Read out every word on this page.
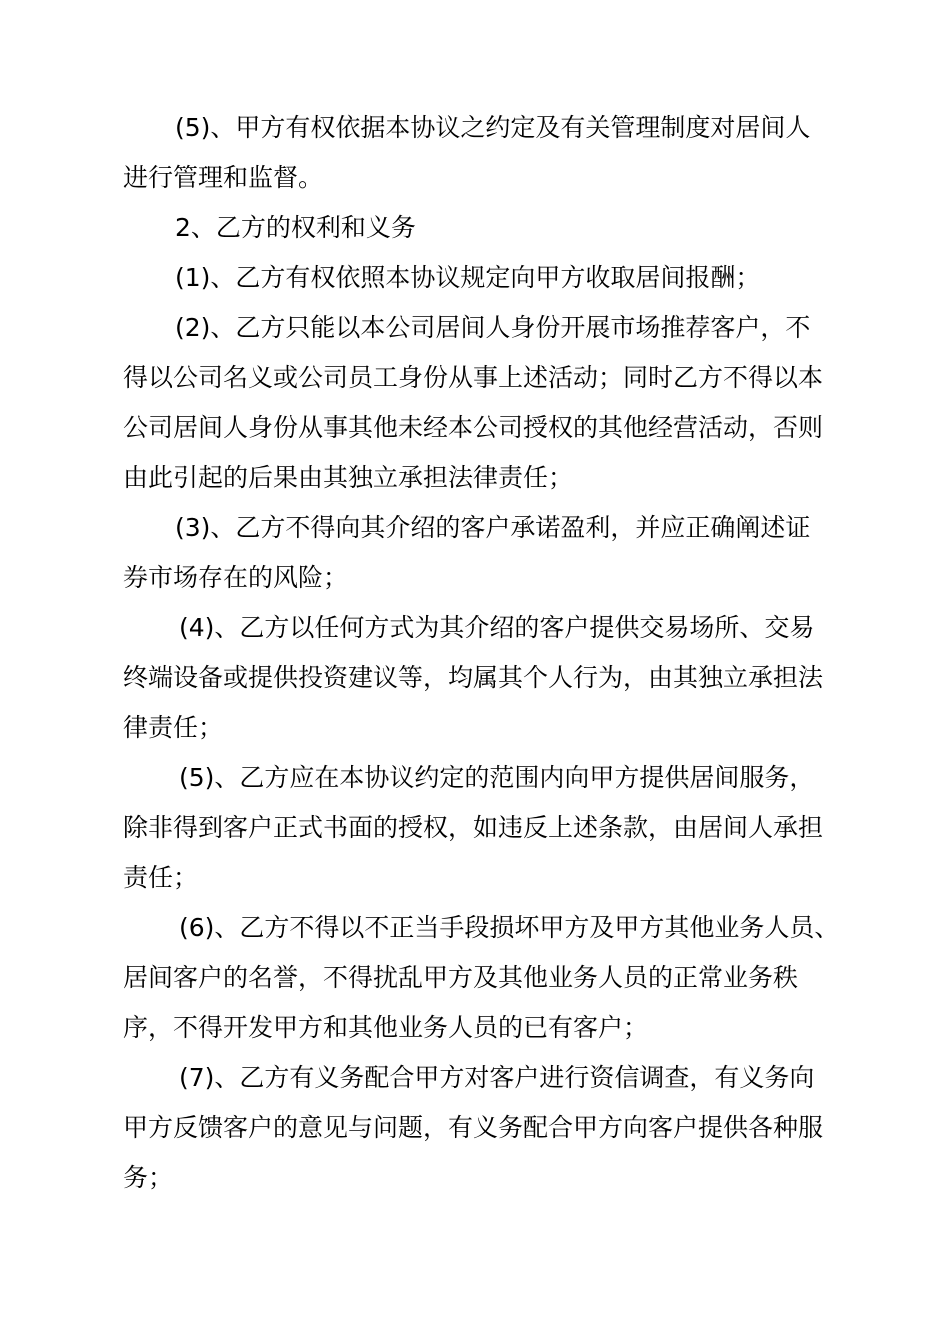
(5)、甲方有权依据本协议之约定及有关管理制度对居间人
进行管理和监督。
2、乙方的权利和义务
(1)、乙方有权依照本协议规定向甲方收取居间报酬；
(2)、乙方只能以本公司居间人身份开展市场推荐客户，不
得以公司名义或公司员工身份从事上述活动；同时乙方不得以本
公司居间人身份从事其他未经本公司授权的其他经营活动，否则
由此引起的后果由其独立承担法律责任；
(3)、乙方不得向其介绍的客户承诺盈利，并应正确阐述证
券市场存在的风险；
(4)、乙方以任何方式为其介绍的客户提供交易场所、交易
终端设备或提供投资建议等，均属其个人行为，由其独立承担法
律责任；
(5)、乙方应在本协议约定的范围内向甲方提供居间服务，
除非得到客户正式书面的授权，如违反上述条款，由居间人承担
责任；
(6)、乙方不得以不正当手段损坏甲方及甲方其他业务人员、
居间客户的名誉，不得扰乱甲方及其他业务人员的正常业务秩
序，不得开发甲方和其他业务人员的已有客户；
(7)、乙方有义务配合甲方对客户进行资信调查，有义务向
甲方反馈客户的意见与问题，有义务配合甲方向客户提供各种服
务；
